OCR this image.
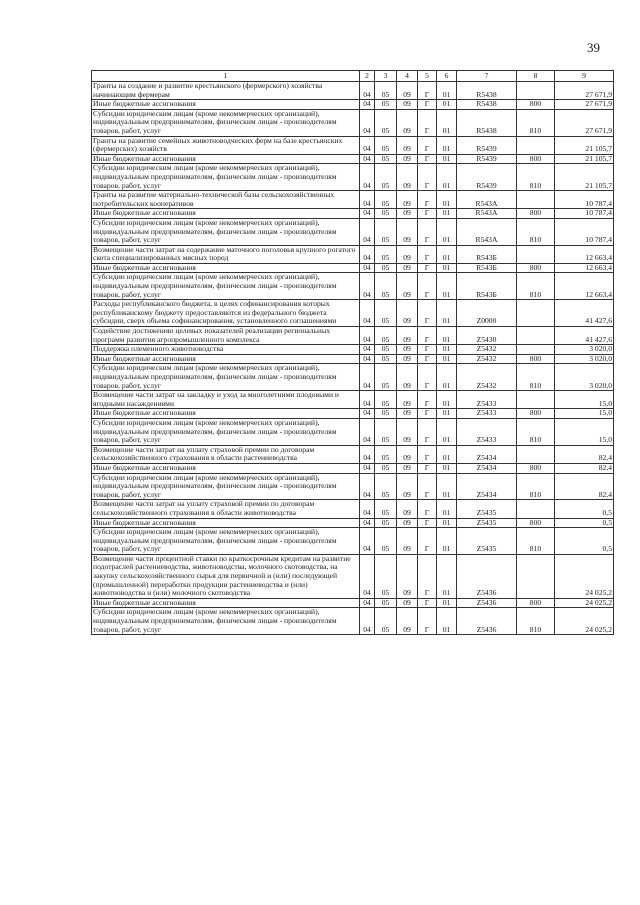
39
1	2	3	4	5	6	7	8	9
Гранты на создание и развитие крестьянского (фермерского) хозяйства начинающим фермерам	04	05	09	Г	01	R5438		27 671,9
Иные бюджетные ассигнования	04	05	09	Г	01	R5438	800	27 671,9
Субсидии юридическим лицам (кроме некоммерческих организаций), индивидуальным предпринимателям, физическим лицам - производителям товаров, работ, услуг	04	05	09	Г	01	R5438	810	27 671,9
Гранты на развитие семейных животноводческих ферм на базе крестьянских (фермерских) хозяйств	04	05	09	Г	01	R5439		21 105,7
Иные бюджетные ассигнования	04	05	09	Г	01	R5439	800	21 105,7
Субсидии юридическим лицам (кроме некоммерческих организаций), индивидуальным предпринимателям, физическим лицам - производителям товаров, работ, услуг	04	05	09	Г	01	R5439	810	21 105,7
Гранты на развитие материально-технической базы сельскохозяйственных потребительских кооперативов	04	05	09	Г	01	R543А		10 787,4
Иные бюджетные ассигнования	04	05	09	Г	01	R543А	800	10 787,4
Субсидии юридическим лицам (кроме некоммерческих организаций), индивидуальным предпринимателям, физическим лицам - производителям товаров, работ, услуг	04	05	09	Г	01	R543А	810	10 787,4
Возмещение части затрат на содержание маточного поголовья крупного рогатого скота специализированных мясных пород	04	05	09	Г	01	R543Б		12 663,4
Иные бюджетные ассигнования	04	05	09	Г	01	R543Б	800	12 663,4
Субсидии юридическим лицам (кроме некоммерческих организаций), индивидуальным предпринимателям, физическим лицам - производителям товаров, работ, услуг	04	05	09	Г	01	R543Б	810	12 663,4
Расходы республиканского бюджета, в целях софинансирования которых республиканскому бюджету предоставляются из федерального бюджета субсидии, сверх объема софинансирования, установленного соглашениями	04	05	09	Г	01	Z0000		41 427,6
Содействие достижению целевых показателей реализации региональных программ развития агропромышленного комплекса	04	05	09	Г	01	Z5430		41 427,6
Поддержка племенного животноводства	04	05	09	Г	01	Z5432		3 020,0
Иные бюджетные ассигнования	04	05	09	Г	01	Z5432	800	3 020,0
Субсидии юридическим лицам (кроме некоммерческих организаций), индивидуальным предпринимателям, физическим лицам - производителям товаров, работ, услуг	04	05	09	Г	01	Z5432	810	3 020,0
Возмещение части затрат на закладку и уход за многолетними плодовыми и ягодными насаждениями	04	05	09	Г	01	Z5433		15,0
Иные бюджетные ассигнования	04	05	09	Г	01	Z5433	800	15,0
Субсидии юридическим лицам (кроме некоммерческих организаций), индивидуальным предпринимателям, физическим лицам - производителям товаров, работ, услуг	04	05	09	Г	01	Z5433	810	15,0
Возмещение части затрат на уплату страховой премии по договорам сельскохозяйственного страхования в области растениеводства	04	05	09	Г	01	Z5434		82,4
Иные бюджетные ассигнования	04	05	09	Г	01	Z5434	800	82,4
Субсидии юридическим лицам (кроме некоммерческих организаций), индивидуальным предпринимателям, физическим лицам - производителям товаров, работ, услуг	04	05	09	Г	01	Z5434	810	82,4
Возмещение части затрат на уплату страховой премии по договорам сельскохозяйственного страхования в области животноводства	04	05	09	Г	01	Z5435		0,5
Иные бюджетные ассигнования	04	05	09	Г	01	Z5435	800	0,5
Субсидии юридическим лицам (кроме некоммерческих организаций), индивидуальным предпринимателям, физическим лицам - производителям товаров, работ, услуг	04	05	09	Г	01	Z5435	810	0,5
Возмещение части процентной ставки по краткосрочным кредитам на развитие подотраслей растениеводства, животноводства, молочного скотоводства, на закупку сельскохозяйственного сырья для первичной и (или) последующей (промышленной) переработки продукции растениеводства и (или) животноводства и (или) молочного скотоводства	04	05	09	Г	01	Z5436		24 025,2
Иные бюджетные ассигнования	04	05	09	Г	01	Z5436	800	24 025,2
Субсидии юридическим лицам (кроме некоммерческих организаций), индивидуальным предпринимателям, физическим лицам - производителям товаров, работ, услуг	04	05	09	Г	01	Z5436	810	24 025,2
